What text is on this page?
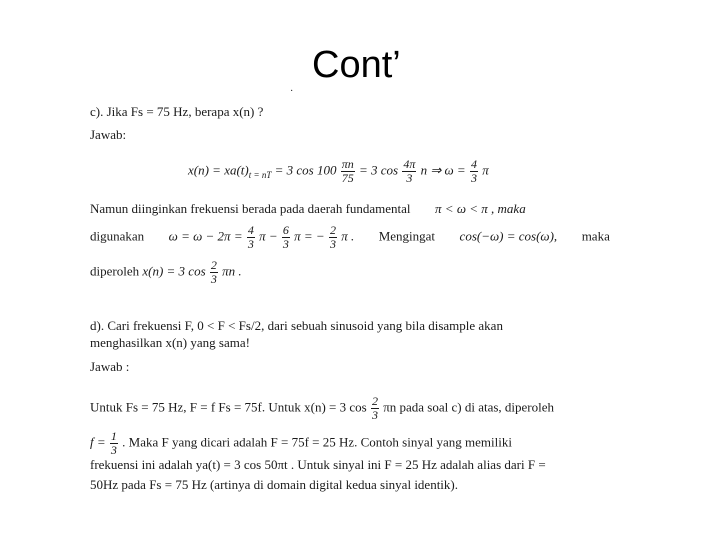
Cont’
·
c). Jika Fs = 75 Hz, berapa x(n) ?
Jawab:
$x(n) = xa(t)_{t = nT} = 3$ $\cos 100 \frac{\pi n}{75} = 3$ $\cos \frac{4\pi}{3}$ n ⇒ $\omega = \frac{4}{3}$ π
Namun diinginkan frekuensi berada pada daerah fundamental π < ω < π , maka
digunakan $\omega = \omega - 2\pi = \frac{4}{3}$ $\pi - \frac{6}{3}$ π = − $\frac{2}{3}$ π . Mengingat cos(−ω) = cos(ω), maka
diperoleh x(n) = 3 $\cos \frac{2}{3}$ πn .
d). Cari frekuensi F, 0 < F < Fs/2, dari sebuah sinusoid yang bila disample akan
menghasilkan x(n) yang sama!
Jawab :
Untuk Fs = 75 Hz, F = f Fs = 75f. Untuk x(n) = 3 $\cos \frac{2}{3}$ πn pada soal c) di atas, diperoleh
$f = \frac{1}{3}$ . Maka F yang dicari adalah F = 75f = 25 Hz. Contoh sinyal yang memiliki
frekuensi ini adalah ya(t) = 3 cos 50πt . Untuk sinyal ini F = 25 Hz adalah alias dari F =
50Hz pada Fs = 75 Hz (artinya di domain digital kedua sinyal identik).
